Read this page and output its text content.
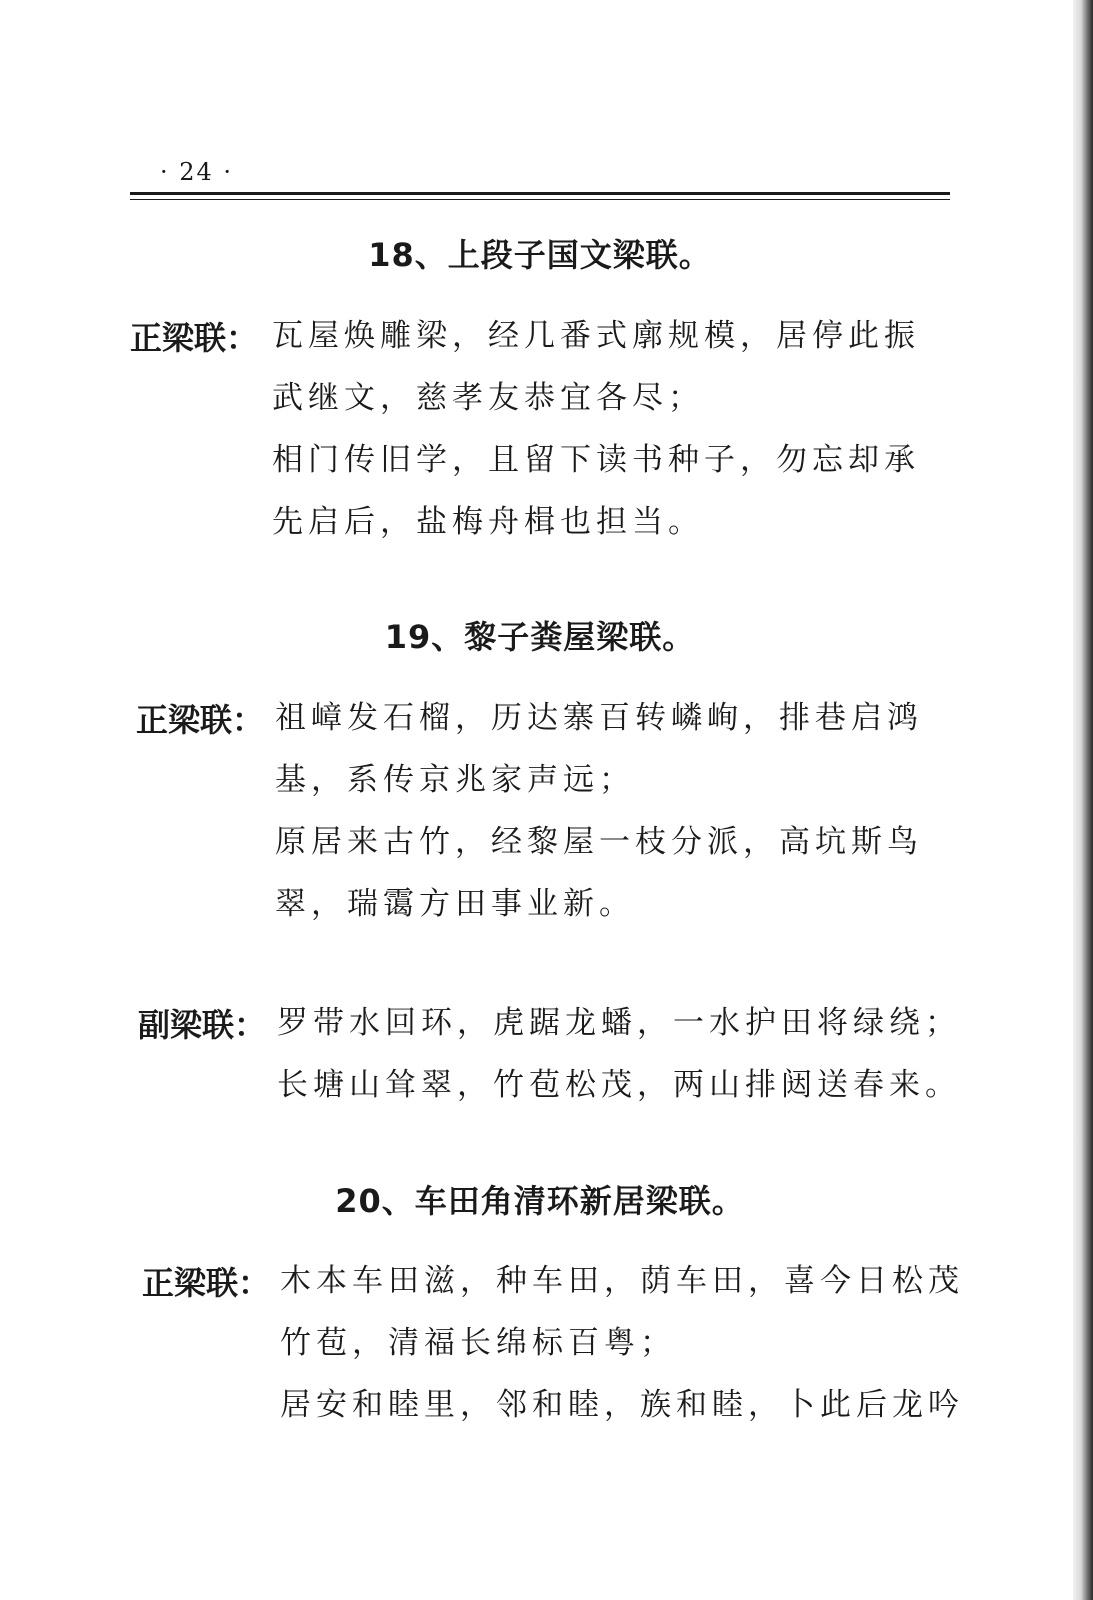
· 24 ·
18、上段子国文梁联。
正梁联： 瓦屋焕雕梁，经几番式廓规模，居停此振
武继文，慈孝友恭宜各尽；
相门传旧学，且留下读书种子，勿忘却承
先启后，盐梅舟楫也担当。
19、黎子粪屋梁联。
正梁联： 祖嶂发石榴，历达寨百转嶙峋，排巷启鸿
基，系传京兆家声远；
原居来古竹，经黎屋一枝分派，高坑斯鸟
翠，瑞霭方田事业新。
副梁联： 罗带水回环，虎踞龙蟠，一水护田将绿绕；
长塘山耸翠，竹苞松茂，两山排闼送春来。
20、车田角清环新居梁联。
正梁联： 木本车田滋，种车田，荫车田，喜今日松茂
竹苞，清福长绵标百粤；
居安和睦里，邻和睦，族和睦，卜此后龙吟
